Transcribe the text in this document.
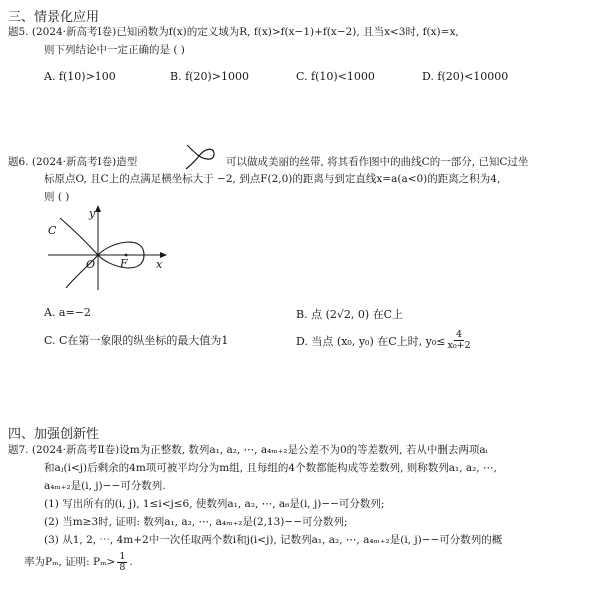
三、情景化应用
题5. (2024·新高考Ⅰ卷)已知函数为f(x)的定义域为R, f(x)>f(x−1)+f(x−2), 且当x<3时, f(x)=x,
则下列结论中一定正确的是 ( )
A. f(10)>100	B. f(20)>1000	C. f(10)<1000	D. f(20)<10000
题6. (2024·新高考Ⅰ卷)造型	可以做成美丽的丝带, 将其看作图中的曲线C的一部分, 已知C过坐
标原点O, 且C上的点满足横坐标大于 −2, 到点F(2,0)的距离与到定直线x=a(a<0)的距离之积为4,
则 ( )
y
x
C
O F
A. a=−2	B. 点 (2√2, 0) 在C上
C. C在第一象限的纵坐标的最大值为1	D. 当点 (x₀, y₀) 在C上时, $y_0\le \frac{4}{\text{x₀+2}}$
四、加强创新性
题7. (2024·新高考Ⅱ卷)设m为正整数, 数列a₁, a₂, ⋯, a₄ₘ₊₂是公差不为0的等差数列, 若从中删去两项aᵢ
和aⱼ(i<j)后剩余的4m项可被平均分为m组, 且每组的4个数都能构成等差数列, 则称数列a₁, a₂, ⋯,
a₄ₘ₊₂是(i, j)−−可分数列.
(1) 写出所有的(i, j), 1≤i<j≤6, 使数列a₁, a₂, ⋯, a₆是(i, j)−−可分数列;
(2) 当m≥3时, 证明: 数列a₁, a₂, ⋯, a₄ₘ₊₂是(2,13)−−可分数列;
(3) 从1, 2, ⋯, 4m+2中一次任取两个数i和j(i<j), 记数列a₁, a₂, ⋯, a₄ₘ₊₂是(i, j)−−可分数列的概
率为Pₘ, 证明: $P_m> \frac{1}{8}$ .
